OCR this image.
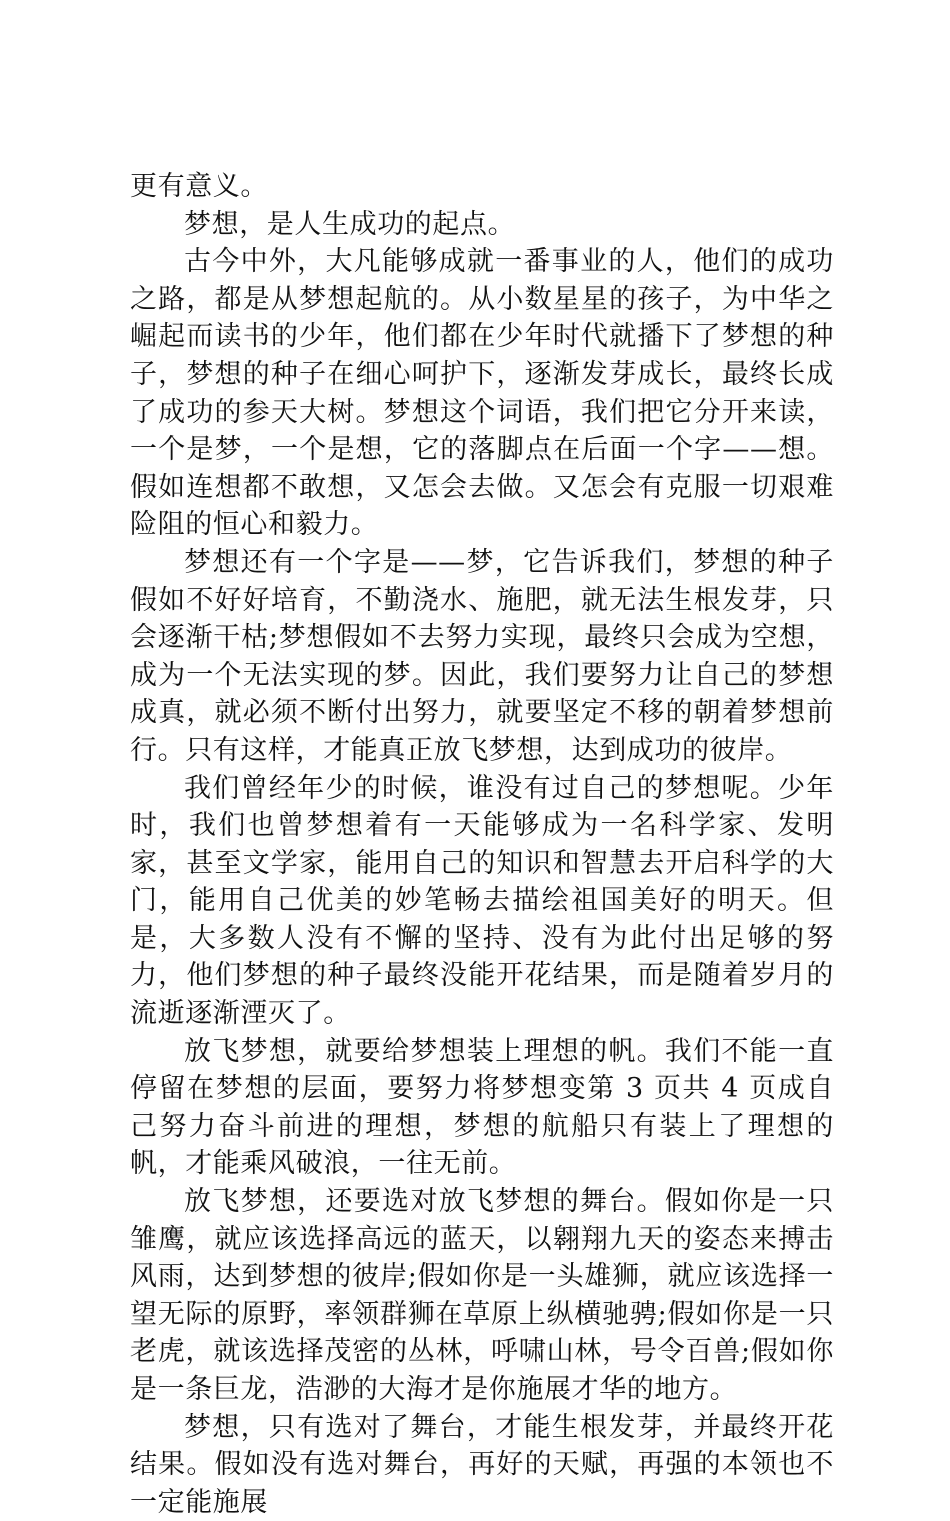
更有意义。

梦想，是人生成功的起点。

古今中外，大凡能够成就一番事业的人，他们的成功之路，都是从梦想起航的。从小数星星的孩子，为中华之崛起而读书的少年，他们都在少年时代就播下了梦想的种子，梦想的种子在细心呵护下，逐渐发芽成长，最终长成了成功的参天大树。梦想这个词语，我们把它分开来读，一个是梦，一个是想，它的落脚点在后面一个字——想。假如连想都不敢想，又怎会去做。又怎会有克服一切艰难险阻的恒心和毅力。

梦想还有一个字是——梦，它告诉我们，梦想的种子假如不好好培育，不勤浇水、施肥，就无法生根发芽，只会逐渐干枯;梦想假如不去努力实现，最终只会成为空想，成为一个无法实现的梦。因此，我们要努力让自己的梦想成真，就必须不断付出努力，就要坚定不移的朝着梦想前行。只有这样，才能真正放飞梦想，达到成功的彼岸。

我们曾经年少的时候，谁没有过自己的梦想呢。少年时，我们也曾梦想着有一天能够成为一名科学家、发明家，甚至文学家，能用自己的知识和智慧去开启科学的大门，能用自己优美的妙笔畅去描绘祖国美好的明天。但是，大多数人没有不懈的坚持、没有为此付出足够的努力，他们梦想的种子最终没能开花结果，而是随着岁月的流逝逐渐湮灭了。

放飞梦想，就要给梦想装上理想的帆。我们不能一直停留在梦想的层面，要努力将梦想变第 3 页共 4 页成自己努力奋斗前进的理想，梦想的航船只有装上了理想的帆，才能乘风破浪，一往无前。

放飞梦想，还要选对放飞梦想的舞台。假如你是一只雏鹰，就应该选择高远的蓝天，以翱翔九天的姿态来搏击风雨，达到梦想的彼岸;假如你是一头雄狮，就应该选择一望无际的原野，率领群狮在草原上纵横驰骋;假如你是一只老虎，就该选择茂密的丛林，呼啸山林，号令百兽;假如你是一条巨龙，浩渺的大海才是你施展才华的地方。

梦想，只有选对了舞台，才能生根发芽，并最终开花结果。假如没有选对舞台，再好的天赋，再强的本领也不一定能施展
